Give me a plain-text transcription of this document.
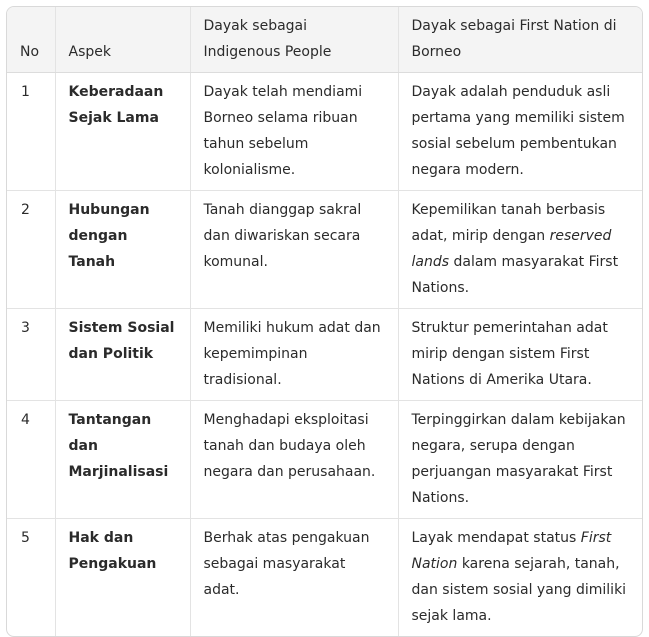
No	Aspek	Dayak sebagai Indigenous People	Dayak sebagai First Nation di Borneo
1	Keberadaan Sejak Lama	Dayak telah mendiami Borneo selama ribuan tahun sebelum kolonialisme.	Dayak adalah penduduk asli pertama yang memiliki sistem sosial sebelum pembentukan negara modern.
2	Hubungan dengan Tanah	Tanah dianggap sakral dan diwariskan secara komunal.	Kepemilikan tanah berbasis adat, mirip dengan reserved lands dalam masyarakat First Nations.
3	Sistem Sosial dan Politik	Memiliki hukum adat dan kepemimpinan tradisional.	Struktur pemerintahan adat mirip dengan sistem First Nations di Amerika Utara.
4	Tantangan dan Marjinalisasi	Menghadapi eksploitasi tanah dan budaya oleh negara dan perusahaan.	Terpinggirkan dalam kebijakan negara, serupa dengan perjuangan masyarakat First Nations.
5	Hak dan Pengakuan	Berhak atas pengakuan sebagai masyarakat adat.	Layak mendapat status First Nation karena sejarah, tanah, dan sistem sosial yang dimiliki sejak lama.
